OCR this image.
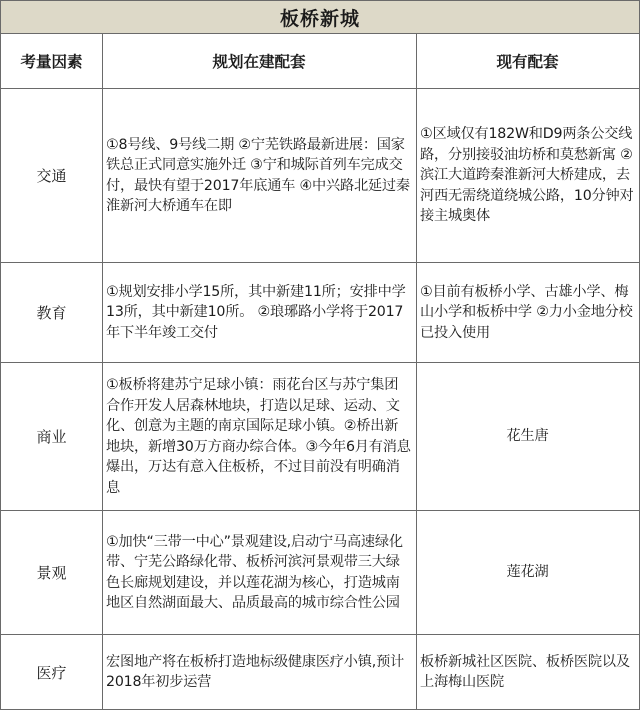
板桥新城
考量因素	规划在建配套	现有配套
交通
①8号线、9号线二期 ②宁芜铁路最新进展：国家铁总正式同意实施外迁 ③宁和城际首列车完成交付，最快有望于2017年底通车 ④中兴路北延过秦淮新河大桥通车在即
①区域仅有182W和D9两条公交线路，分别接驳油坊桥和莫愁新寓 ②滨江大道跨秦淮新河大桥建成，去河西无需绕道绕城公路，10分钟对接主城奥体
教育
①规划安排小学15所，其中新建11所；安排中学13所，其中新建10所。 ②琅琊路小学将于2017年下半年竣工交付
①目前有板桥小学、古雄小学、梅山小学和板桥中学 ②力小金地分校已投入使用
商业
①板桥将建苏宁足球小镇：雨花台区与苏宁集团合作开发人居森林地块，打造以足球、运动、文化、创意为主题的南京国际足球小镇。②桥出新地块，新增30万方商办综合体。③今年6月有消息爆出，万达有意入住板桥，不过目前没有明确消息
花生唐
景观
①加快“三带一中心”景观建设,启动宁马高速绿化带、宁芜公路绿化带、板桥河滨河景观带三大绿色长廊规划建设，并以莲花湖为核心，打造城南地区自然湖面最大、品质最高的城市综合性公园
莲花湖
医疗
宏图地产将在板桥打造地标级健康医疗小镇,预计2018年初步运营
板桥新城社区医院、板桥医院以及上海梅山医院
